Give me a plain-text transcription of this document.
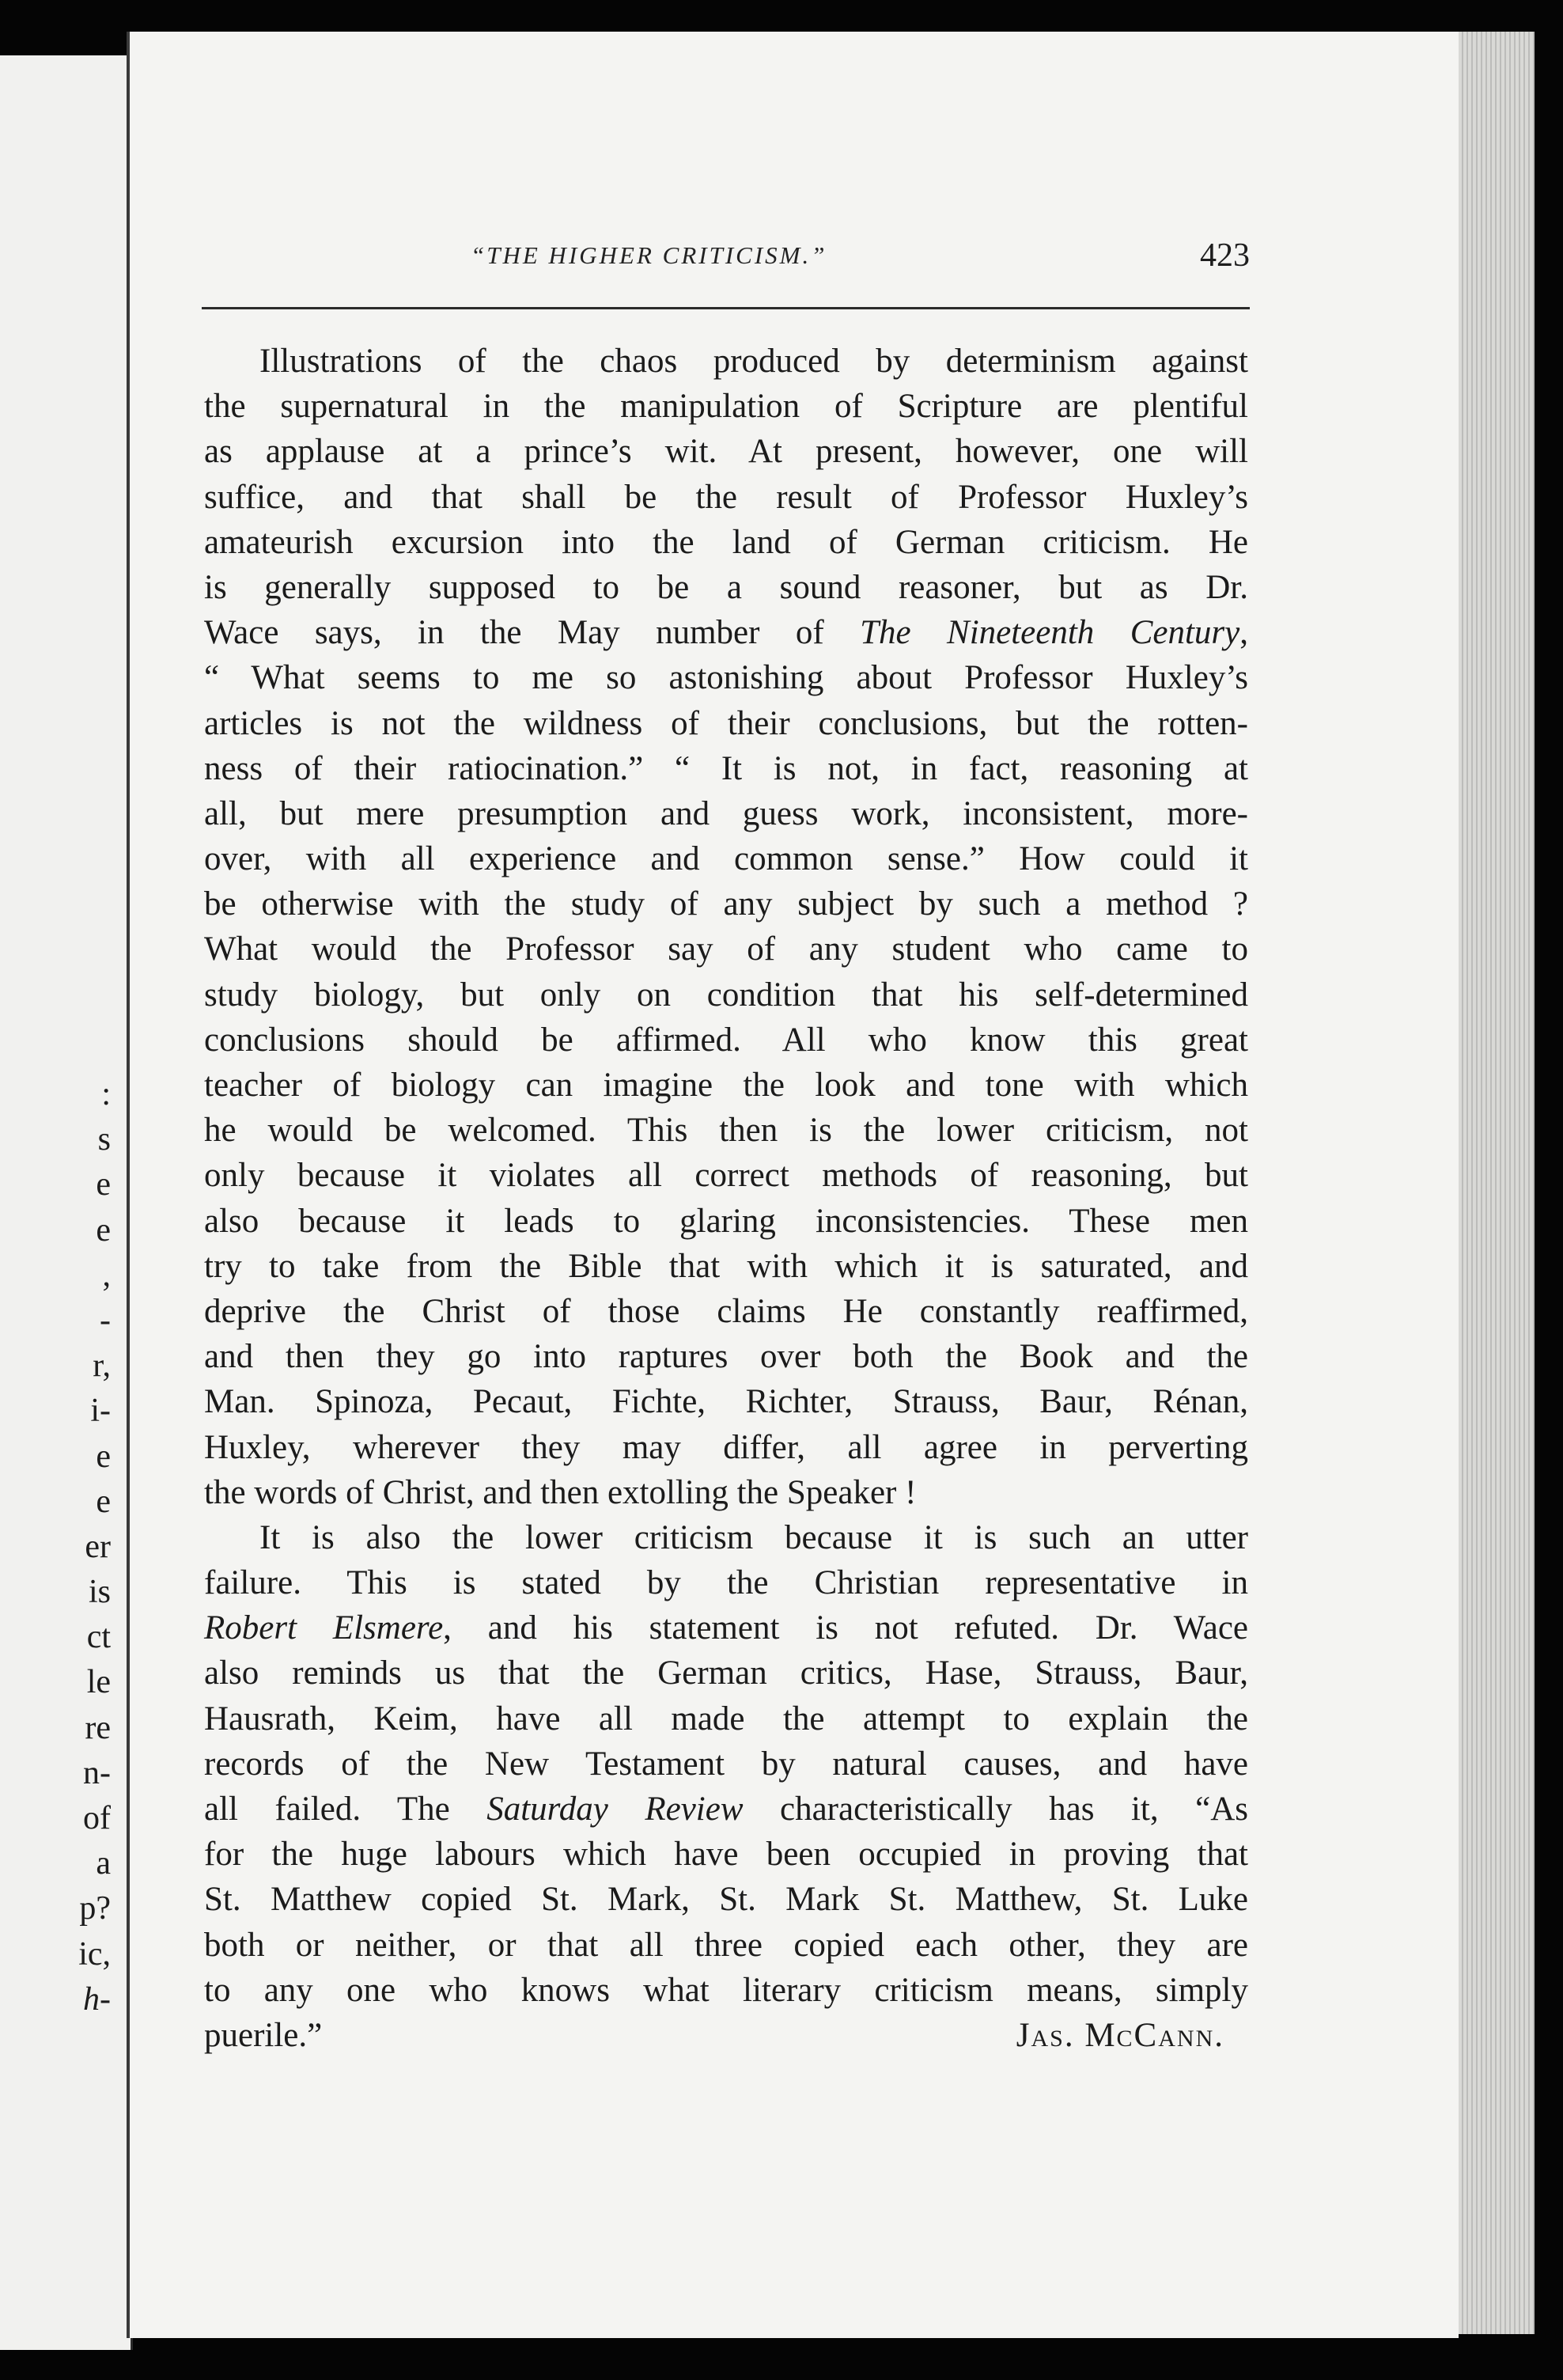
:
s
e
e
,
-
r,
i-
e
e
er
is
ct
le
re
n-
of
a
p?
ic,
h-
“THE HIGHER CRITICISM.”	423
Illustrations of the chaos produced by determinism against
the supernatural in the manipulation of Scripture are plentiful
as applause at a prince’s wit. At present, however, one will
suffice, and that shall be the result of Professor Huxley’s
amateurish excursion into the land of German criticism. He
is generally supposed to be a sound reasoner, but as Dr.
Wace says, in the May number of The Nineteenth Century,
“ What seems to me so astonishing about Professor Huxley’s
articles is not the wildness of their conclusions, but the rotten-
ness of their ratiocination.” “ It is not, in fact, reasoning at
all, but mere presumption and guess work, inconsistent, more-
over, with all experience and common sense.” How could it
be otherwise with the study of any subject by such a method ?
What would the Professor say of any student who came to
study biology, but only on condition that his self-determined
conclusions should be affirmed. All who know this great
teacher of biology can imagine the look and tone with which
he would be welcomed. This then is the lower criticism, not
only because it violates all correct methods of reasoning, but
also because it leads to glaring inconsistencies. These men
try to take from the Bible that with which it is saturated, and
deprive the Christ of those claims He constantly reaffirmed,
and then they go into raptures over both the Book and the
Man. Spinoza, Pecaut, Fichte, Richter, Strauss, Baur, Rénan,
Huxley, wherever they may differ, all agree in perverting
the words of Christ, and then extolling the Speaker !
It is also the lower criticism because it is such an utter
failure. This is stated by the Christian representative in
Robert Elsmere, and his statement is not refuted. Dr. Wace
also reminds us that the German critics, Hase, Strauss, Baur,
Hausrath, Keim, have all made the attempt to explain the
records of the New Testament by natural causes, and have
all failed. The Saturday Review characteristically has it, “As
for the huge labours which have been occupied in proving that
St. Matthew copied St. Mark, St. Mark St. Matthew, St. Luke
both or neither, or that all three copied each other, they are
to any one who knows what literary criticism means, simply
puerile.”	Jas. McCann.
